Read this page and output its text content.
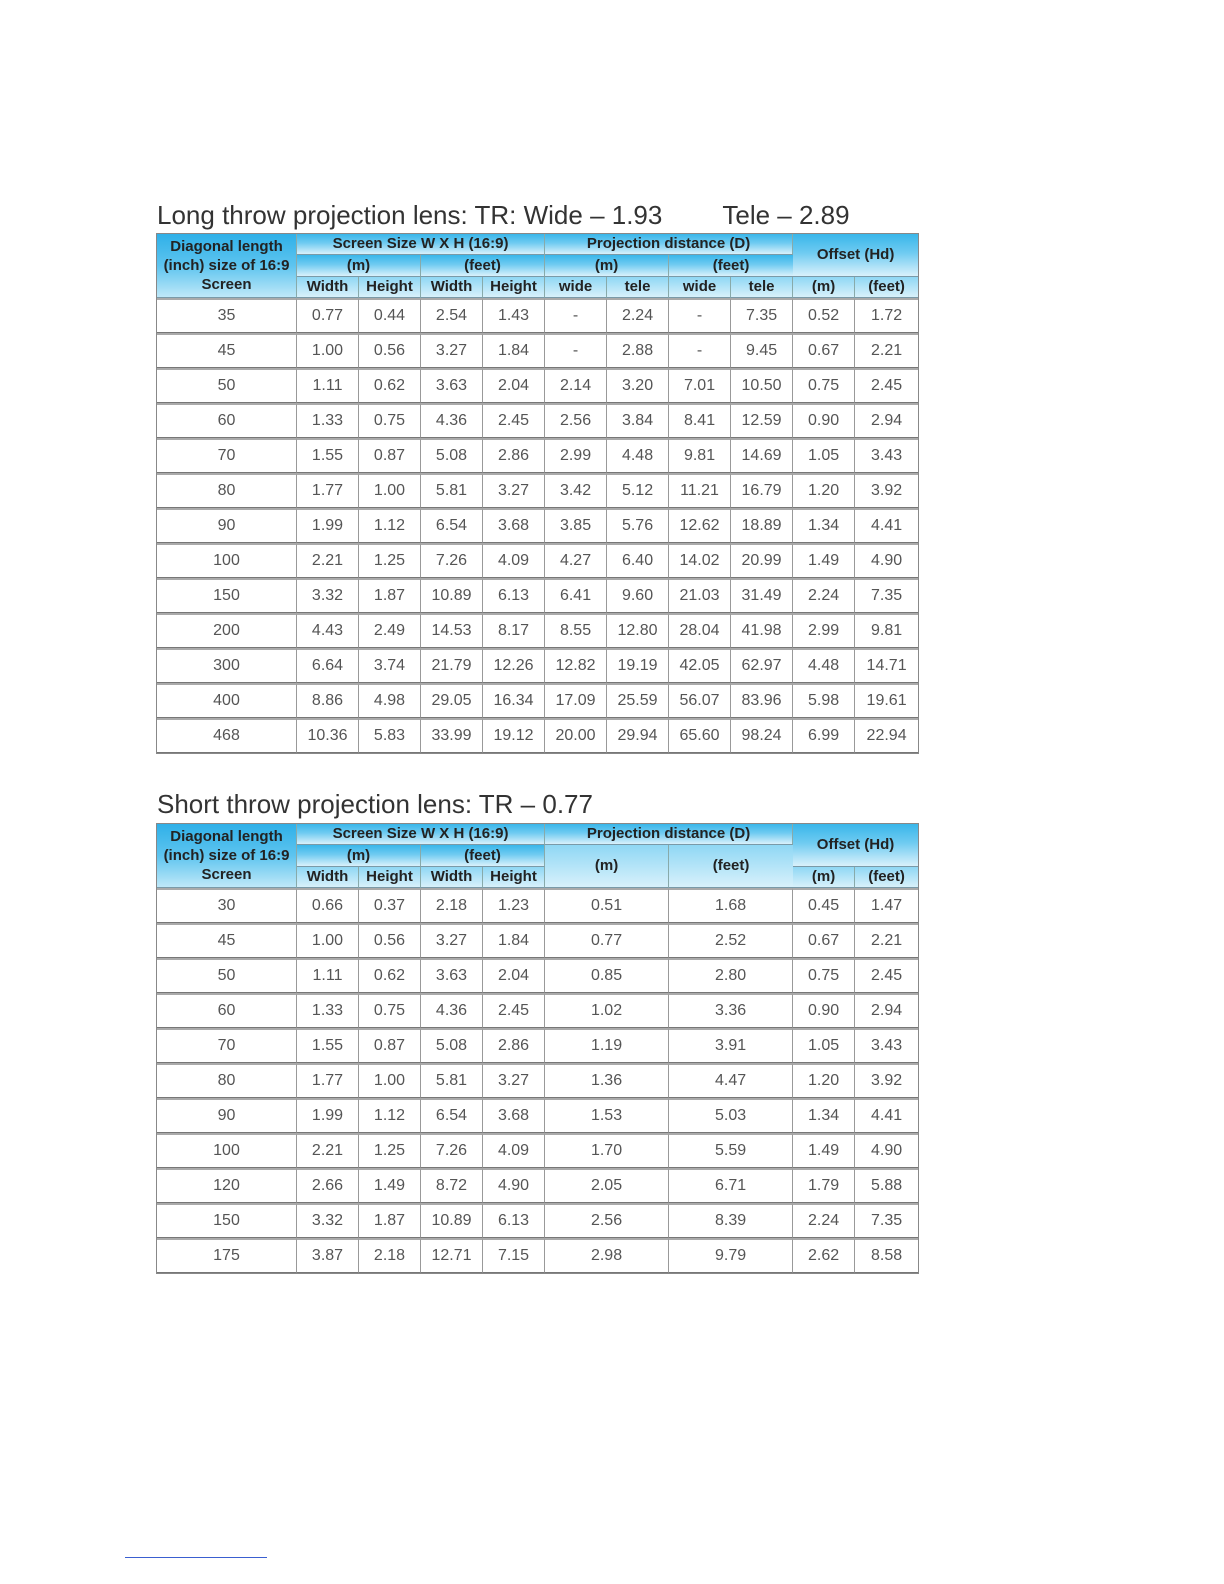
Long throw projection lens: TR: Wide – 1.93 Tele – 2.89
Diagonal length (inch) size of 16:9 Screen	Screen Size W X H (16:9)				Projection distance (D)				Offset (Hd)	
	(m)		(feet)		(m)		(feet)			
	Width	Height	Width	Height	wide	tele	wide	tele	(m)	(feet)
35	0.77	0.44	2.54	1.43	-	2.24	-	7.35	0.52	1.72
45	1.00	0.56	3.27	1.84	-	2.88	-	9.45	0.67	2.21
50	1.11	0.62	3.63	2.04	2.14	3.20	7.01	10.50	0.75	2.45
60	1.33	0.75	4.36	2.45	2.56	3.84	8.41	12.59	0.90	2.94
70	1.55	0.87	5.08	2.86	2.99	4.48	9.81	14.69	1.05	3.43
80	1.77	1.00	5.81	3.27	3.42	5.12	11.21	16.79	1.20	3.92
90	1.99	1.12	6.54	3.68	3.85	5.76	12.62	18.89	1.34	4.41
100	2.21	1.25	7.26	4.09	4.27	6.40	14.02	20.99	1.49	4.90
150	3.32	1.87	10.89	6.13	6.41	9.60	21.03	31.49	2.24	7.35
200	4.43	2.49	14.53	8.17	8.55	12.80	28.04	41.98	2.99	9.81
300	6.64	3.74	21.79	12.26	12.82	19.19	42.05	62.97	4.48	14.71
400	8.86	4.98	29.05	16.34	17.09	25.59	56.07	83.96	5.98	19.61
468	10.36	5.83	33.99	19.12	20.00	29.94	65.60	98.24	6.99	22.94
Short throw projection lens: TR – 0.77
Diagonal length (inch) size of 16:9 Screen	Screen Size W X H (16:9)				Projection distance (D)		Offset (Hd)	
	(m)		(feet)		(m)	(feet)		
	Width	Height	Width	Height			(m)	(feet)
30	0.66	0.37	2.18	1.23	0.51	1.68	0.45	1.47
45	1.00	0.56	3.27	1.84	0.77	2.52	0.67	2.21
50	1.11	0.62	3.63	2.04	0.85	2.80	0.75	2.45
60	1.33	0.75	4.36	2.45	1.02	3.36	0.90	2.94
70	1.55	0.87	5.08	2.86	1.19	3.91	1.05	3.43
80	1.77	1.00	5.81	3.27	1.36	4.47	1.20	3.92
90	1.99	1.12	6.54	3.68	1.53	5.03	1.34	4.41
100	2.21	1.25	7.26	4.09	1.70	5.59	1.49	4.90
120	2.66	1.49	8.72	4.90	2.05	6.71	1.79	5.88
150	3.32	1.87	10.89	6.13	2.56	8.39	2.24	7.35
175	3.87	2.18	12.71	7.15	2.98	9.79	2.62	8.58
